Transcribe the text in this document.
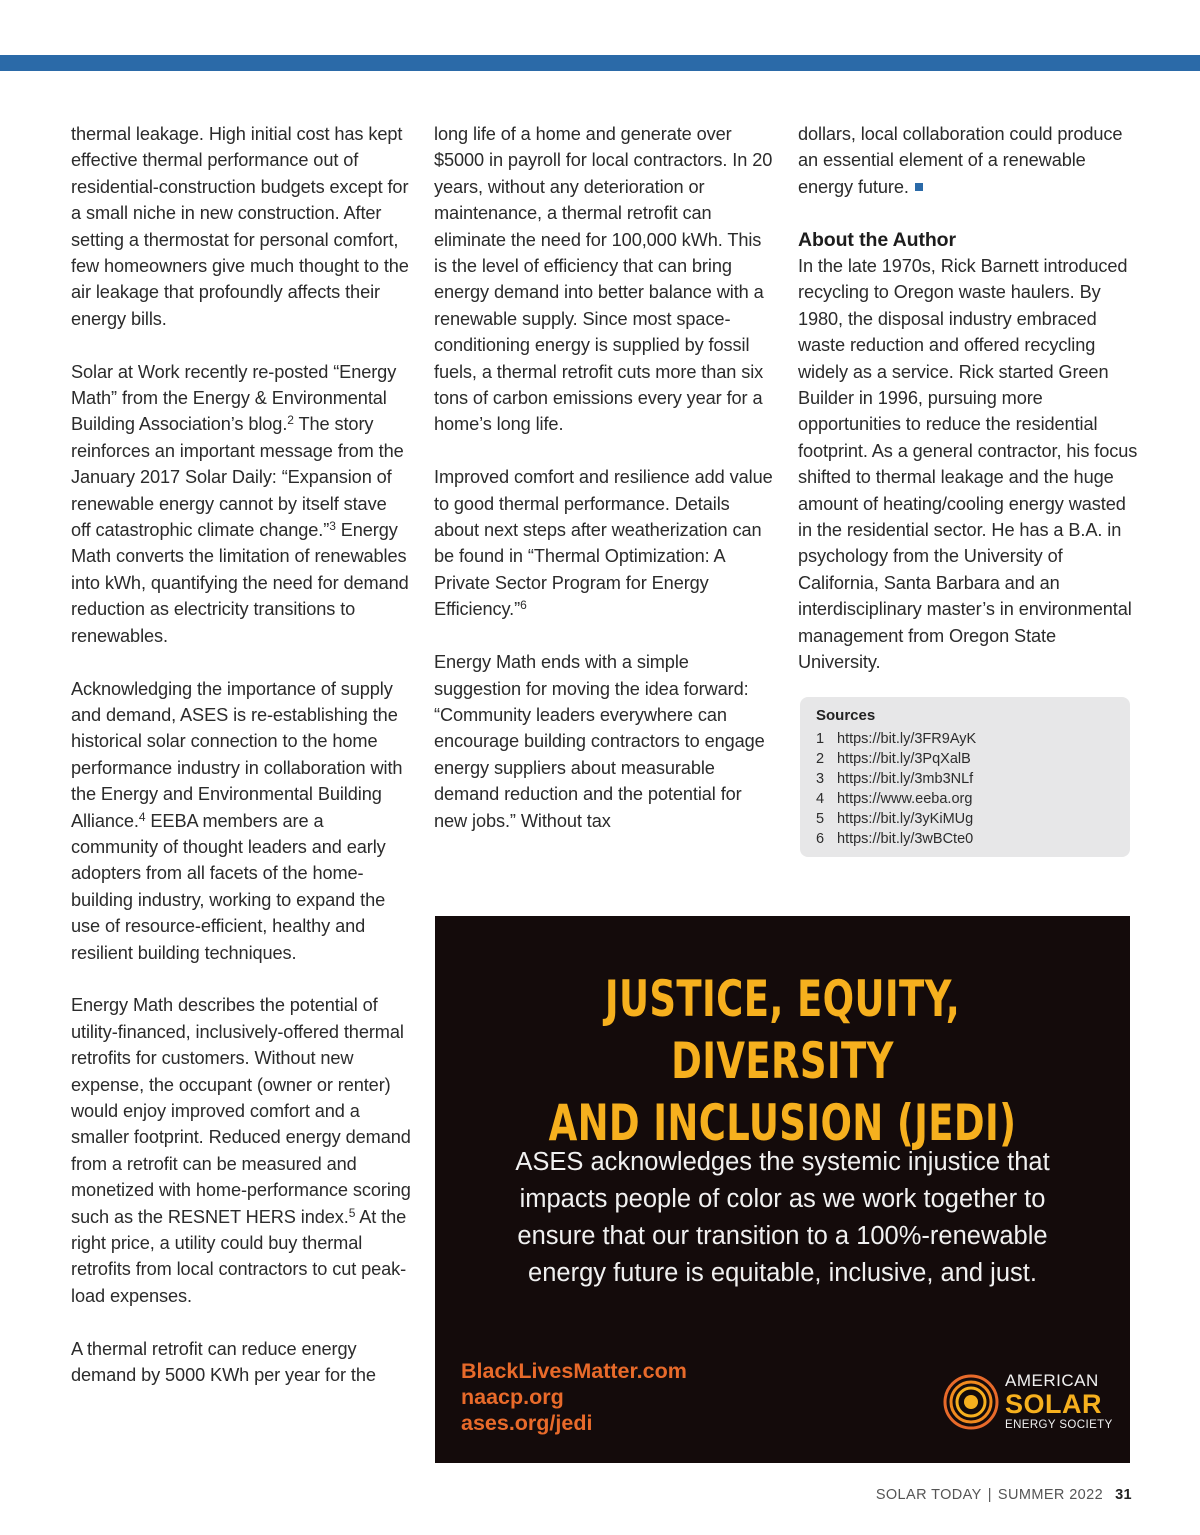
thermal leakage. High initial cost has kept effective thermal performance out of residential-construction budgets except for a small niche in new construction. After setting a thermostat for personal comfort, few homeowners give much thought to the air leakage that profoundly affects their energy bills.

Solar at Work recently re-posted “Energy Math” from the Energy & Environmental Building Association’s blog.$^2$ The story reinforces an important message from the January 2017 Solar Daily: “Expansion of renewable energy cannot by itself stave off catastrophic climate change.”$^3$ Energy Math converts the limitation of renewables into kWh, quantifying the need for demand reduction as electricity transitions to renewables.

Acknowledging the importance of supply and demand, ASES is re-establishing the historical solar connection to the home performance industry in collaboration with the Energy and Environmental Building Alliance.$^4$ EEBA members are a community of thought leaders and early adopters from all facets of the home-building industry, working to expand the use of resource-efficient, healthy and resilient building techniques.

Energy Math describes the potential of utility-financed, inclusively-offered thermal retrofits for customers. Without new expense, the occupant (owner or renter) would enjoy improved comfort and a smaller footprint. Reduced energy demand from a retrofit can be measured and monetized with home-performance scoring such as the RESNET HERS index.$^5$ At the right price, a utility could buy thermal retrofits from local contractors to cut peak-load expenses.

A thermal retrofit can reduce energy demand by 5000 KWh per year for the

long life of a home and generate over $5000 in payroll for local contractors. In 20 years, without any deterioration or maintenance, a thermal retrofit can eliminate the need for 100,000 kWh. This is the level of efficiency that can bring energy demand into better balance with a renewable supply. Since most space-conditioning energy is supplied by fossil fuels, a thermal retrofit cuts more than six tons of carbon emissions every year for a home’s long life.

Improved comfort and resilience add value to good thermal performance. Details about next steps after weatherization can be found in “Thermal Optimization: A Private Sector Program for Energy Efficiency.”$^6$

Energy Math ends with a simple suggestion for moving the idea forward: “Community leaders everywhere can encourage building contractors to engage energy suppliers about measurable demand reduction and the potential for new jobs.” Without tax

dollars, local collaboration could produce an essential element of a renewable energy future.

About the Author

In the late 1970s, Rick Barnett introduced recycling to Oregon waste haulers. By 1980, the disposal industry embraced waste reduction and offered recycling widely as a service. Rick started Green Builder in 1996, pursuing more opportunities to reduce the residential footprint. As a general contractor, his focus shifted to thermal leakage and the huge amount of heating/cooling energy wasted in the residential sector. He has a B.A. in psychology from the University of California, Santa Barbara and an interdisciplinary master’s in environmental management from Oregon State University.

Sources
1 https://bit.ly/3FR9AyK
2 https://bit.ly/3PqXalB
3 https://bit.ly/3mb3NLf
4 https://www.eeba.org
5 https://bit.ly/3yKiMUg
6 https://bit.ly/3wBCte0
JUSTICE, EQUITY, DIVERSITY
AND INCLUSION (JEDI)
ASES acknowledges the systemic injustice that
impacts people of color as we work together to
ensure that our transition to a 100%-renewable
energy future is equitable, inclusive, and just.
BlackLivesMatter.com
naacp.org
ases.org/jedi
AMERICAN
SOLAR
ENERGY SOCIETY
SOLAR TODAY | SUMMER 2022 31
